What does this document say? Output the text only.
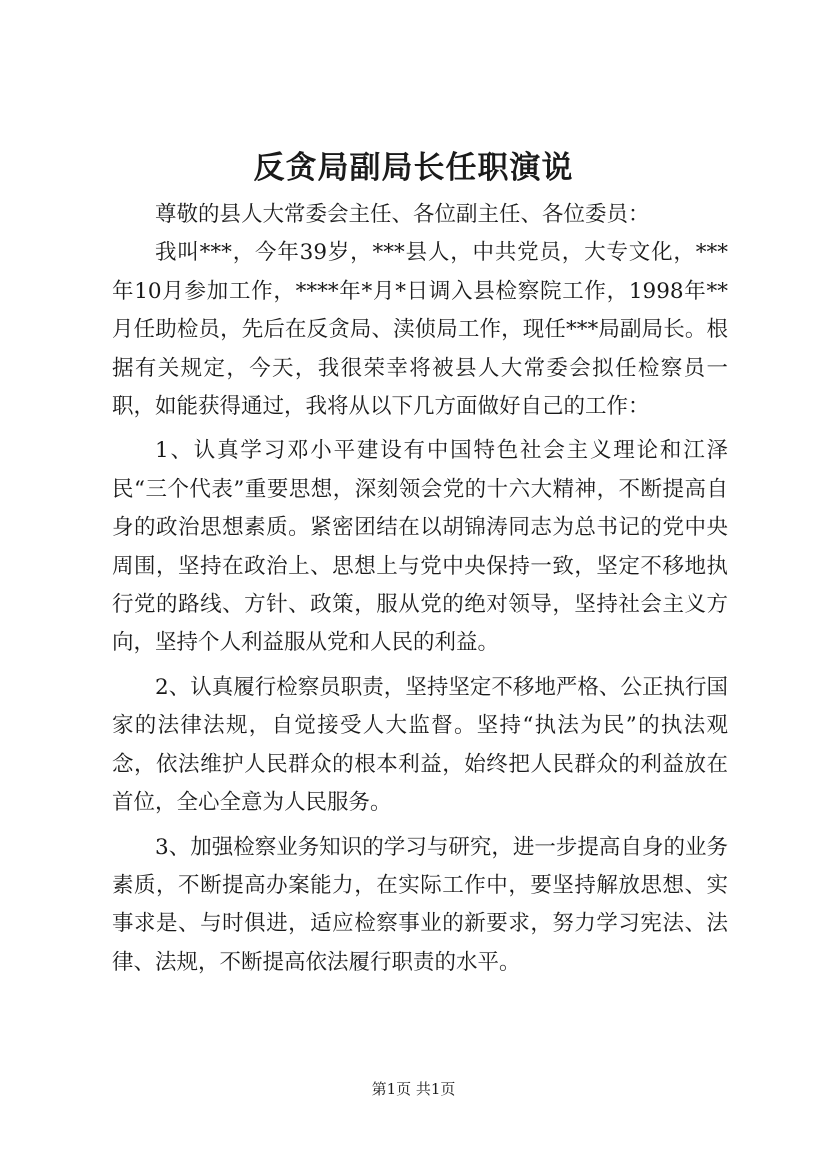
反贪局副局长任职演说

尊敬的县人大常委会主任、各位副主任、各位委员：

我叫***，今年39岁，***县人，中共党员，大专文化，***年10月参加工作，****年*月*日调入县检察院工作，1998年**月任助检员，先后在反贪局、渎侦局工作，现任***局副局长。根据有关规定，今天，我很荣幸将被县人大常委会拟任检察员一职，如能获得通过，我将从以下几方面做好自己的工作：

1、认真学习邓小平建设有中国特色社会主义理论和江泽民“三个代表”重要思想，深刻领会党的十六大精神，不断提高自身的政治思想素质。紧密团结在以胡锦涛同志为总书记的党中央周围，坚持在政治上、思想上与党中央保持一致，坚定不移地执行党的路线、方针、政策，服从党的绝对领导，坚持社会主义方向，坚持个人利益服从党和人民的利益。

2、认真履行检察员职责，坚持坚定不移地严格、公正执行国家的法律法规，自觉接受人大监督。坚持“执法为民”的执法观念，依法维护人民群众的根本利益，始终把人民群众的利益放在首位，全心全意为人民服务。

3、加强检察业务知识的学习与研究，进一步提高自身的业务素质，不断提高办案能力，在实际工作中，要坚持解放思想、实事求是、与时俱进，适应检察事业的新要求，努力学习宪法、法律、法规，不断提高依法履行职责的水平。

第1页 共1页
